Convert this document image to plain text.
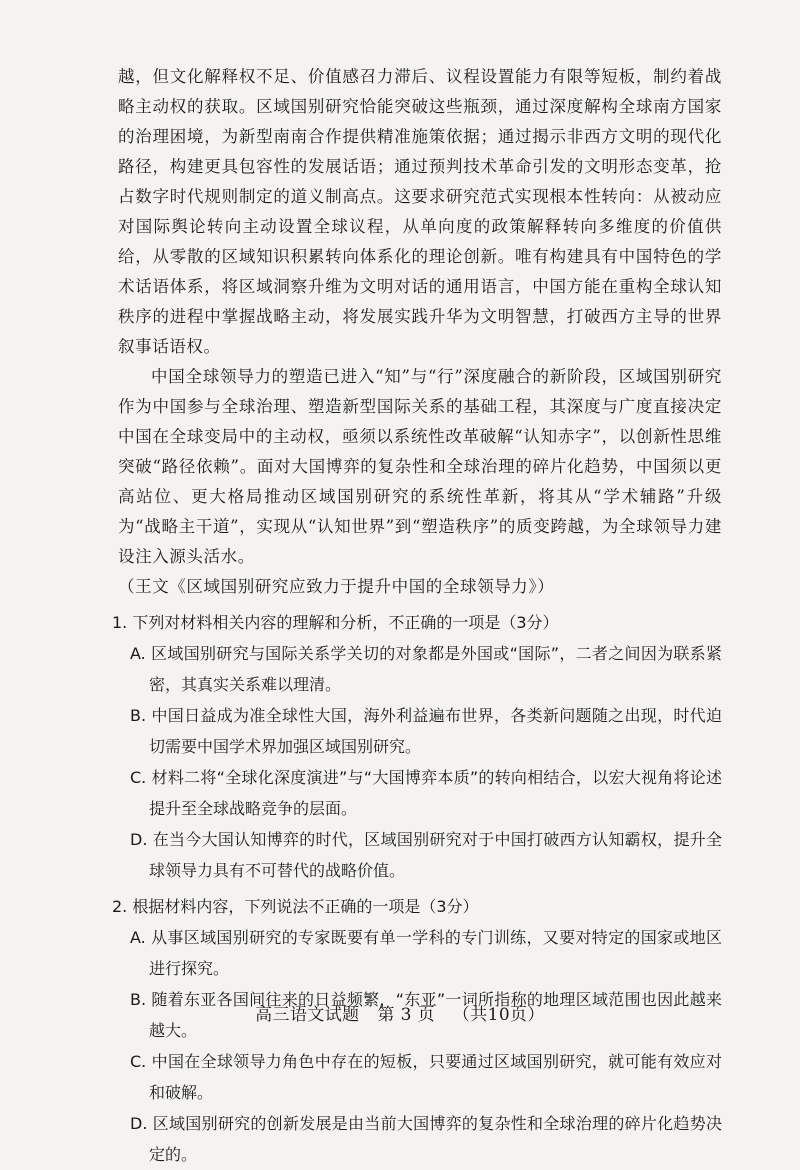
越，但文化解释权不足、价值感召力滞后、议程设置能力有限等短板，制约着战略主动权的获取。区域国别研究恰能突破这些瓶颈，通过深度解构全球南方国家的治理困境，为新型南南合作提供精准施策依据；通过揭示非西方文明的现代化路径，构建更具包容性的发展话语；通过预判技术革命引发的文明形态变革，抢占数字时代规则制定的道义制高点。这要求研究范式实现根本性转向：从被动应对国际舆论转向主动设置全球议程，从单向度的政策解释转向多维度的价值供给，从零散的区域知识积累转向体系化的理论创新。唯有构建具有中国特色的学术话语体系，将区域洞察升维为文明对话的通用语言，中国方能在重构全球认知秩序的进程中掌握战略主动，将发展实践升华为文明智慧，打破西方主导的世界叙事话语权。

中国全球领导力的塑造已进入“知”与“行”深度融合的新阶段，区域国别研究作为中国参与全球治理、塑造新型国际关系的基础工程，其深度与广度直接决定中国在全球变局中的主动权，亟须以系统性改革破解“认知赤字”，以创新性思维突破“路径依赖”。面对大国博弈的复杂性和全球治理的碎片化趋势，中国须以更高站位、更大格局推动区域国别研究的系统性革新，将其从“学术辅路”升级为“战略主干道”，实现从“认知世界”到“塑造秩序”的质变跨越，为全球领导力建设注入源头活水。

（王文《区域国别研究应致力于提升中国的全球领导力》）

1. 下列对材料相关内容的理解和分析，不正确的一项是（3分）

A. 区域国别研究与国际关系学关切的对象都是外国或“国际”，二者之间因为联系紧密，其真实关系难以理清。

B. 中国日益成为准全球性大国，海外利益遍布世界，各类新问题随之出现，时代迫切需要中国学术界加强区域国别研究。

C. 材料二将“全球化深度演进”与“大国博弈本质”的转向相结合，以宏大视角将论述提升至全球战略竞争的层面。

D. 在当今大国认知博弈的时代，区域国别研究对于中国打破西方认知霸权，提升全球领导力具有不可替代的战略价值。

2. 根据材料内容，下列说法不正确的一项是（3分）

A. 从事区域国别研究的专家既要有单一学科的专门训练，又要对特定的国家或地区进行探究。

B. 随着东亚各国间往来的日益频繁，“东亚”一词所指称的地理区域范围也因此越来越大。

C. 中国在全球领导力角色中存在的短板，只要通过区域国别研究，就可能有效应对和破解。

D. 区域国别研究的创新发展是由当前大国博弈的复杂性和全球治理的碎片化趋势决定的。

高三语文试题 第 3 页 （共10页）
